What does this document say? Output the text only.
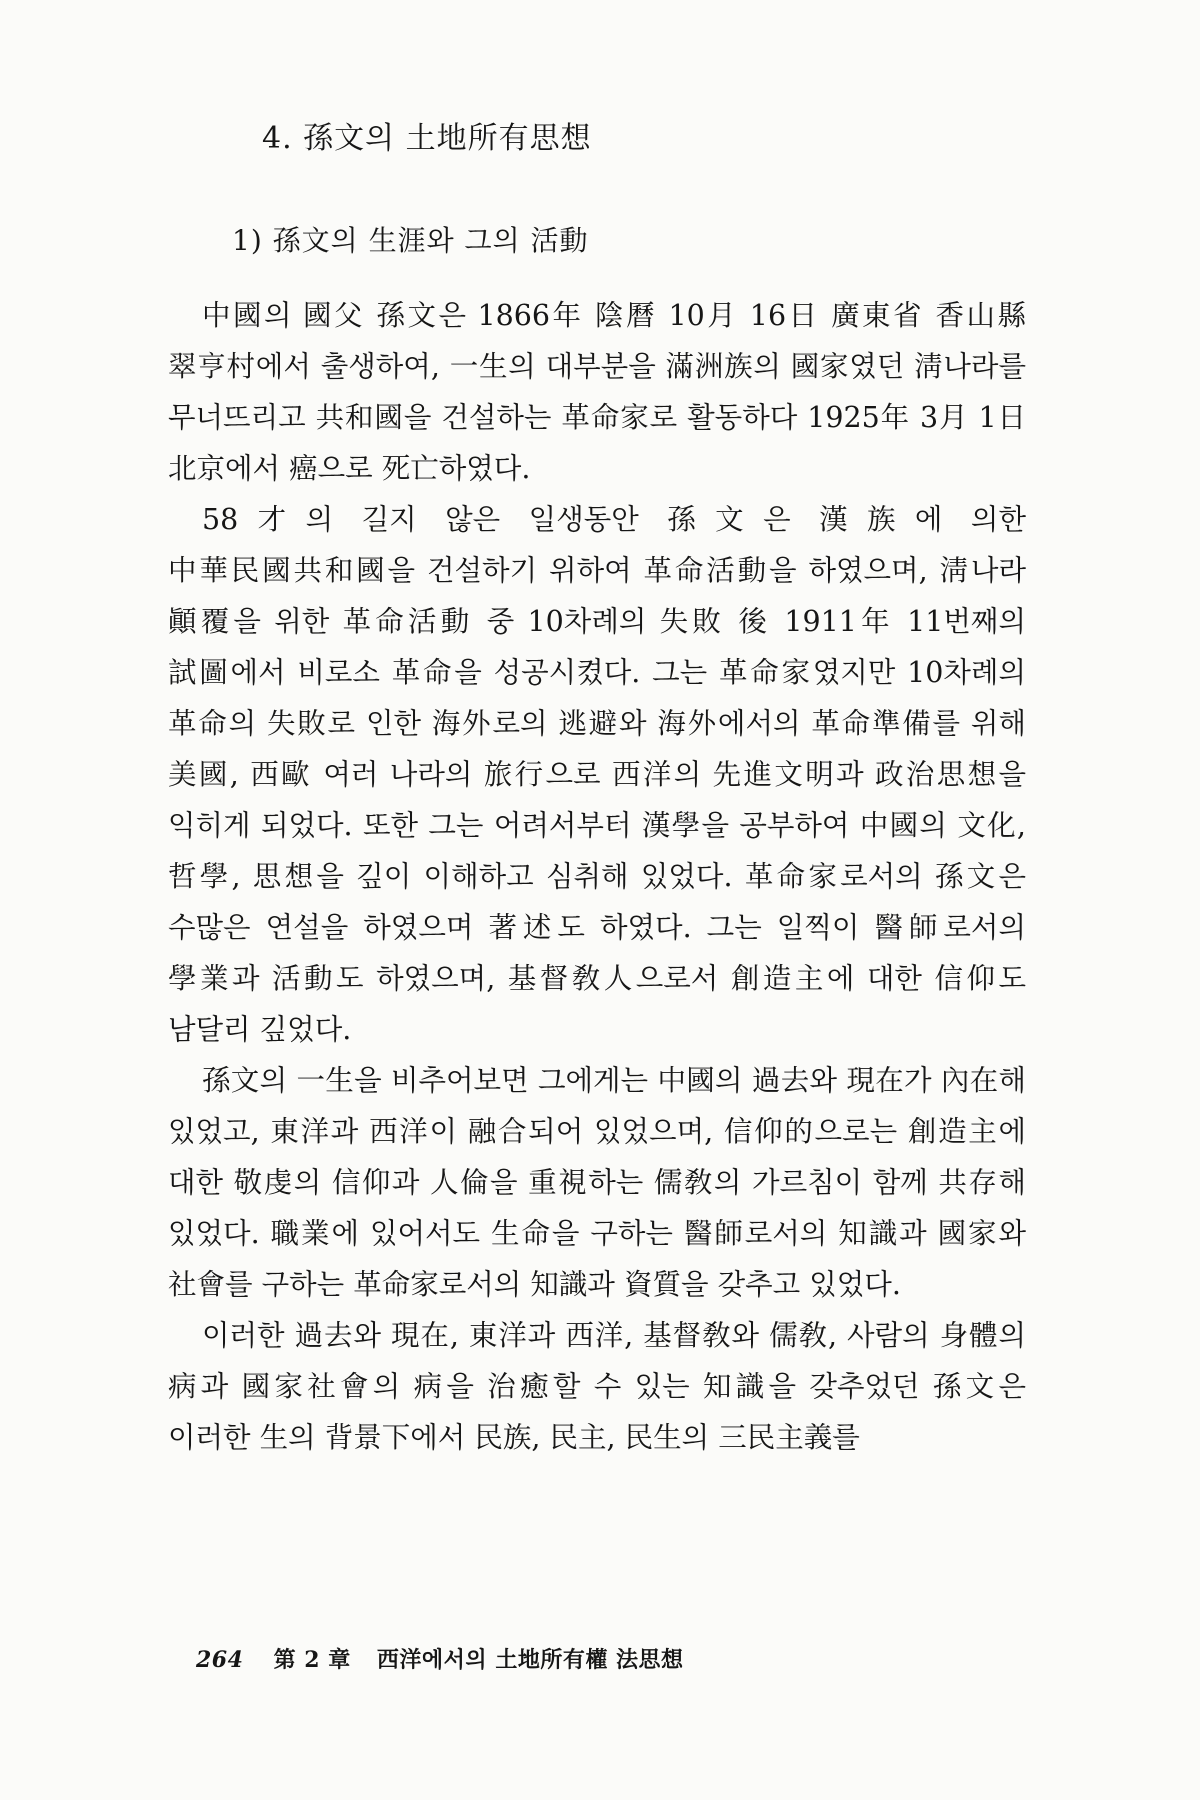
4. 孫文의 土地所有思想
1) 孫文의 生涯와 그의 活動

中國의 國父 孫文은 1866年 陰曆 10月 16日 廣東省 香山縣 翠亨村에서 출생하여, 一生의 대부분을 滿洲族의 國家였던 淸나라를 무너뜨리고 共和國을 건설하는 革命家로 활동하다 1925年 3月 1日 北京에서 癌으로 死亡하였다.

58才의 길지 않은 일생동안 孫文은 漢族에 의한 中華民國共和國을 건설하기 위하여 革命活動을 하였으며, 淸나라 顚覆을 위한 革命活動 중 10차례의 失敗 後 1911年 11번째의 試圖에서 비로소 革命을 성공시켰다. 그는 革命家였지만 10차례의 革命의 失敗로 인한 海外로의 逃避와 海外에서의 革命準備를 위해 美國, 西歐 여러 나라의 旅行으로 西洋의 先進文明과 政治思想을 익히게 되었다. 또한 그는 어려서부터 漢學을 공부하여 中國의 文化, 哲學, 思想을 깊이 이해하고 심취해 있었다. 革命家로서의 孫文은 수많은 연설을 하였으며 著述도 하였다. 그는 일찍이 醫師로서의 學業과 活動도 하였으며, 基督敎人으로서 創造主에 대한 信仰도 남달리 깊었다.

孫文의 一生을 비추어보면 그에게는 中國의 過去와 現在가 內在해 있었고, 東洋과 西洋이 融合되어 있었으며, 信仰的으로는 創造主에 대한 敬虔의 信仰과 人倫을 重視하는 儒敎의 가르침이 함께 共存해 있었다. 職業에 있어서도 生命을 구하는 醫師로서의 知識과 國家와 社會를 구하는 革命家로서의 知識과 資質을 갖추고 있었다.

이러한 過去와 現在, 東洋과 西洋, 基督敎와 儒敎, 사람의 身體의 病과 國家社會의 病을 治癒할 수 있는 知識을 갖추었던 孫文은 이러한 生의 背景下에서 民族, 民主, 民生의 三民主義를

264 第 2 章 西洋에서의 土地所有權 法思想
